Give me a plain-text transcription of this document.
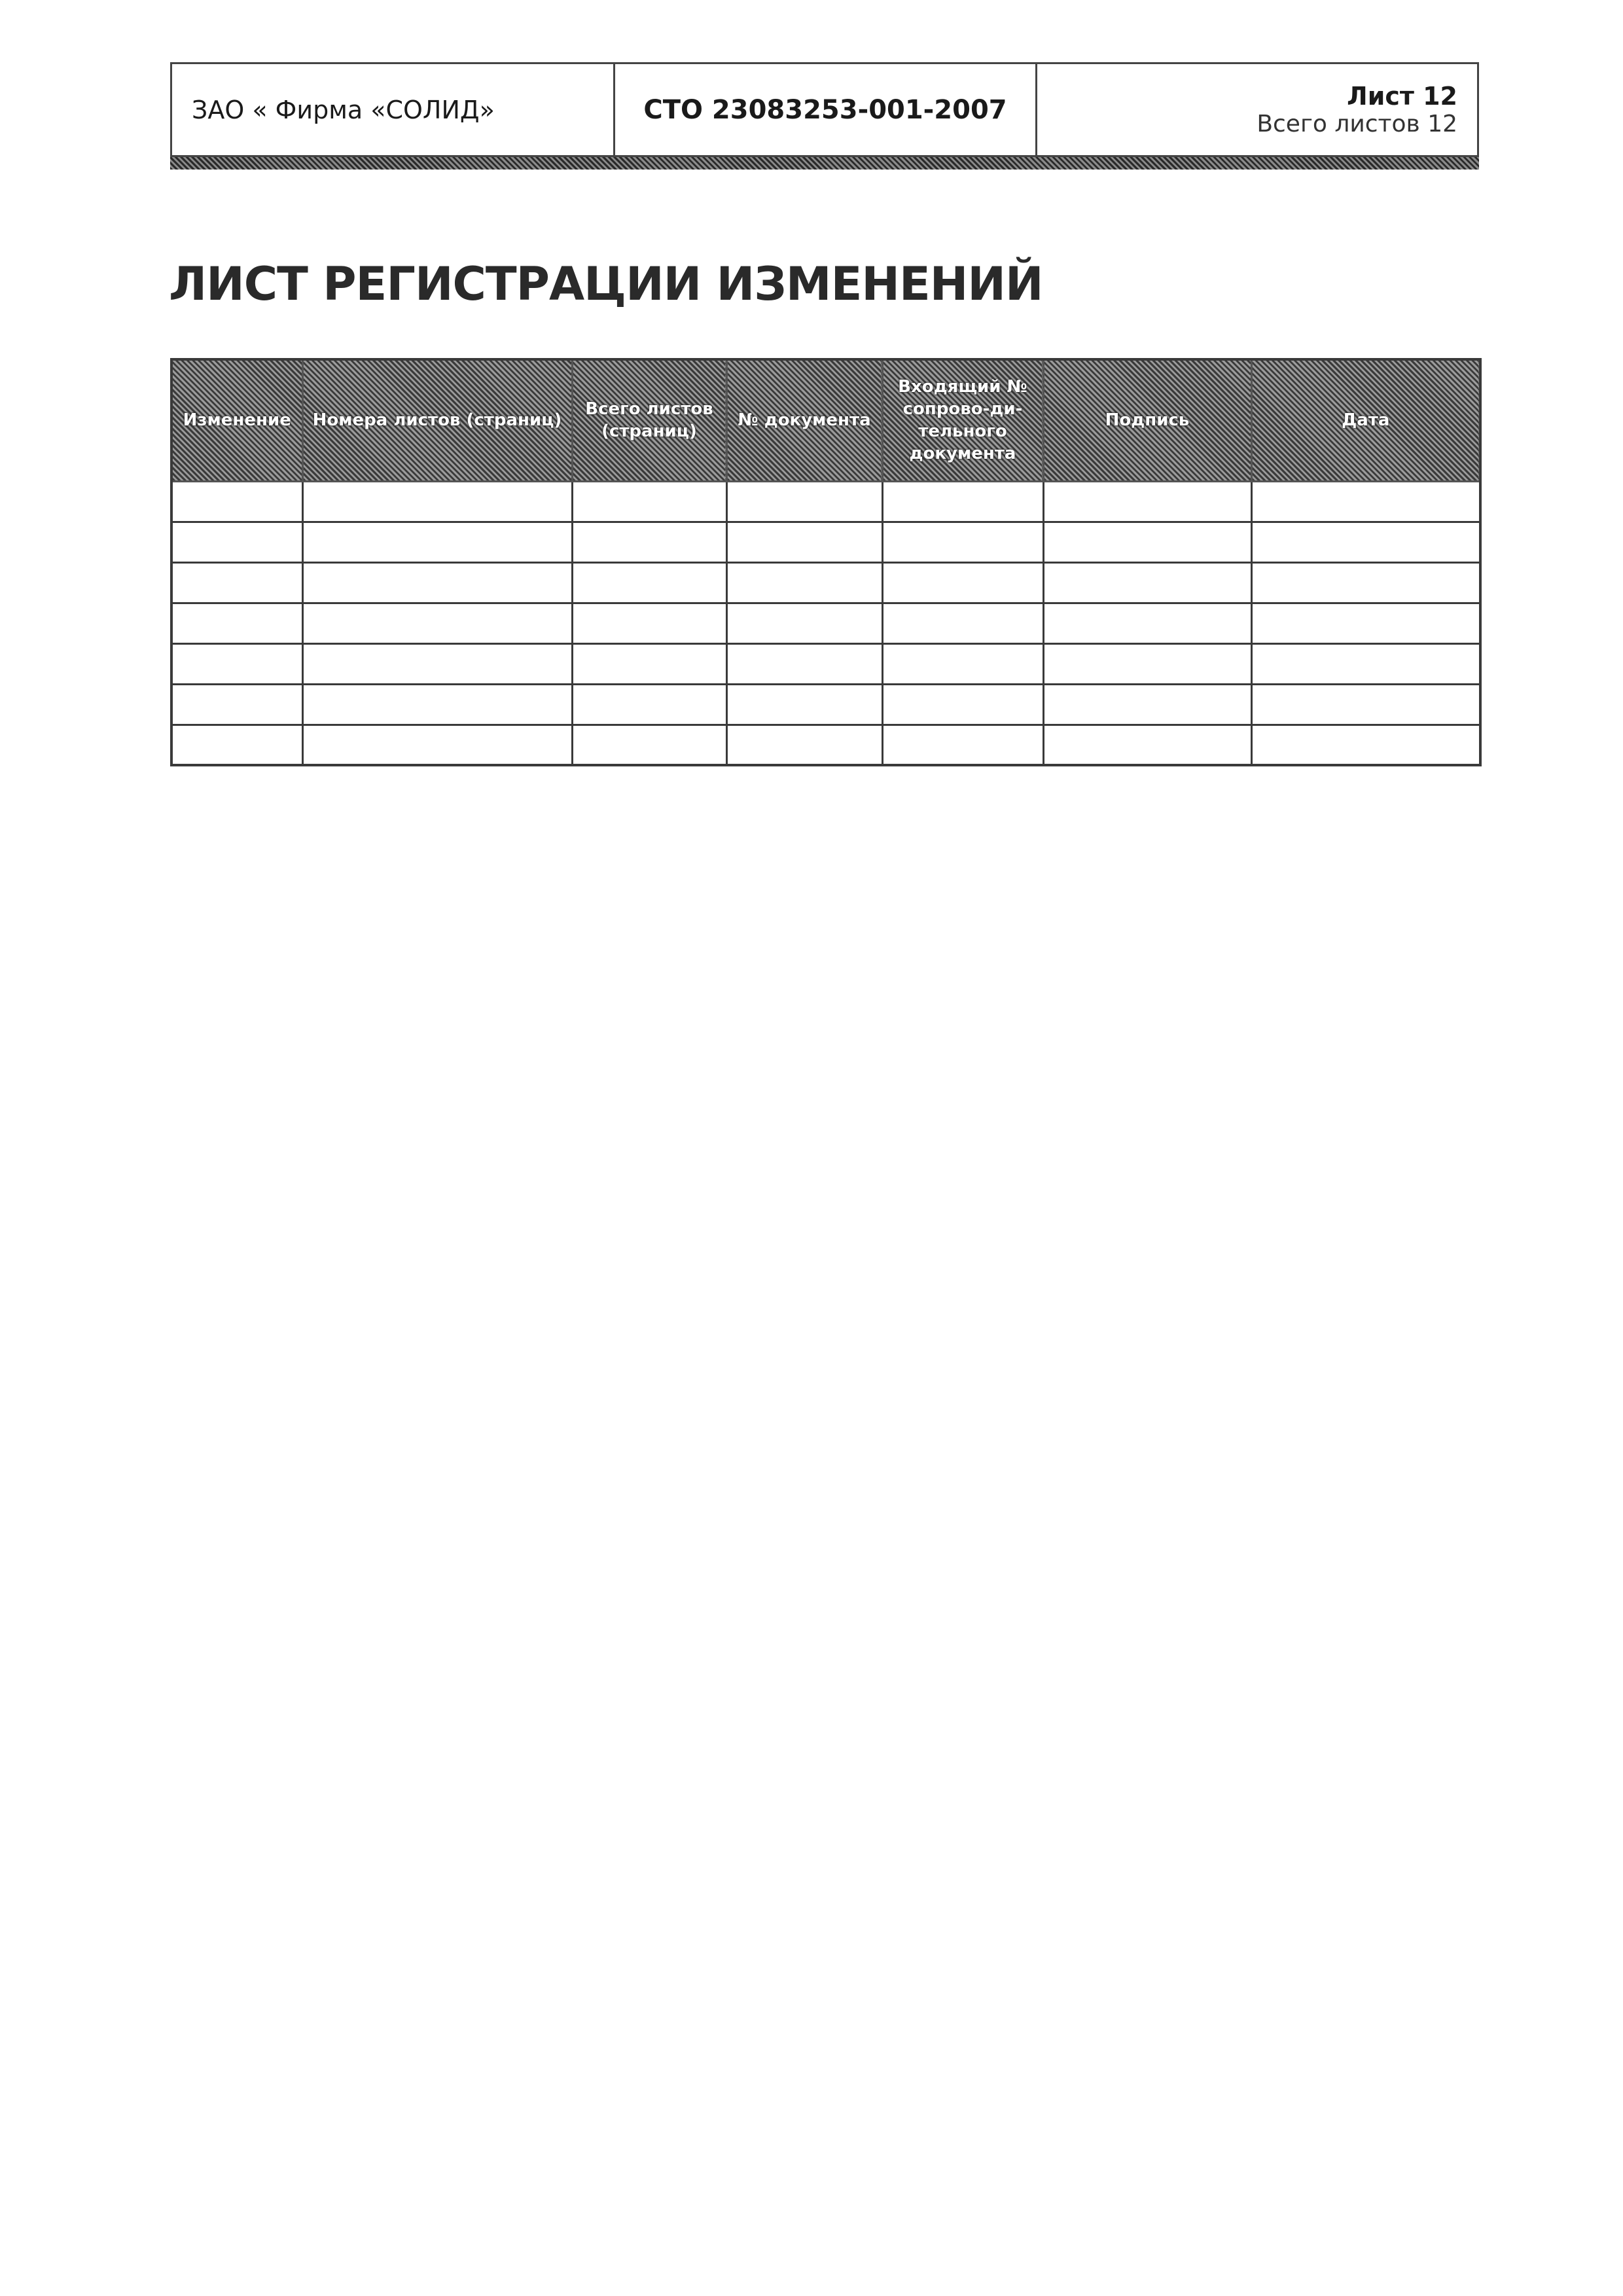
ЗАО « Фирма «СОЛИД»	СТО 23083253-001-2007	Лист 12
Всего листов 12
ЛИСТ РЕГИСТРАЦИИ ИЗМЕНЕНИЙ
Изменение	Номера листов (страниц)	Всего листов (страниц)	№ документа	Входящий № сопрово-ди-тельного документа	Подпись	Дата
